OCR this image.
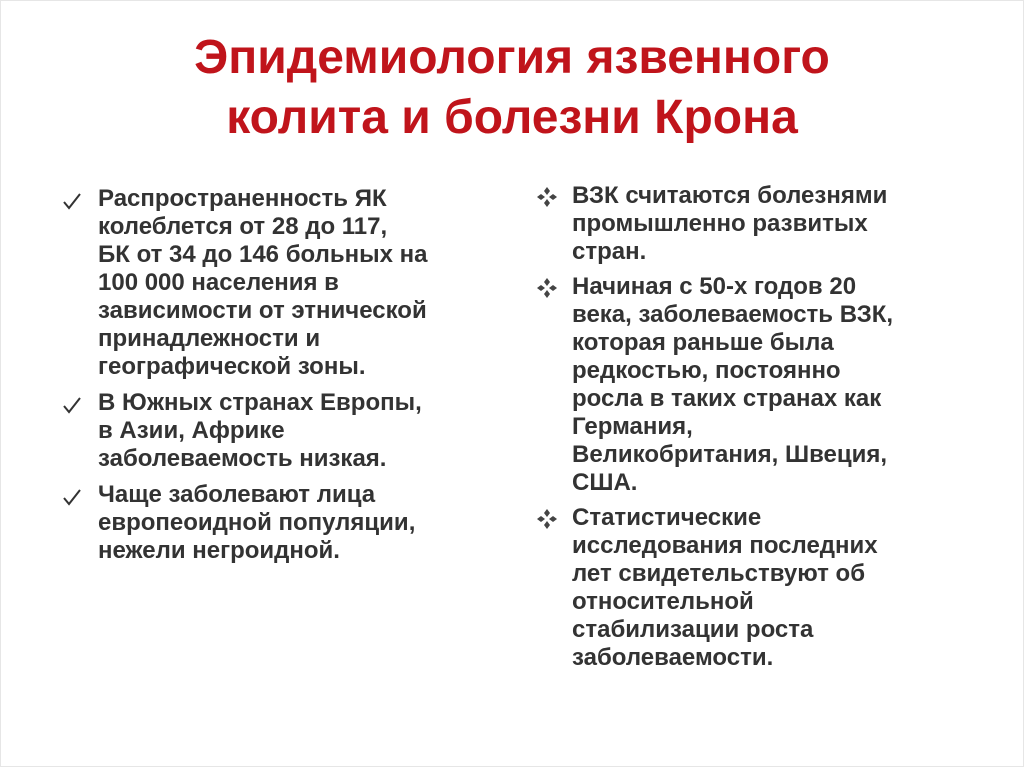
Эпидемиология язвенного
колита и болезни Крона
Распространенность ЯК
колеблется от 28 до 117,
БК от 34 до 146 больных на
100 000 населения в
зависимости от этнической
принадлежности и
географической зоны.
В Южных странах Европы,
в Азии, Африке
заболеваемость низкая.
Чаще заболевают лица
европеоидной популяции,
нежели негроидной.
ВЗК считаются болезнями
промышленно развитых
стран.
Начиная с 50-х годов 20
века, заболеваемость ВЗК,
которая раньше была
редкостью, постоянно
росла в таких странах как
Германия,
Великобритания, Швеция,
США.
Статистические
исследования последних
лет свидетельствуют об
относительной
стабилизации роста
заболеваемости.
